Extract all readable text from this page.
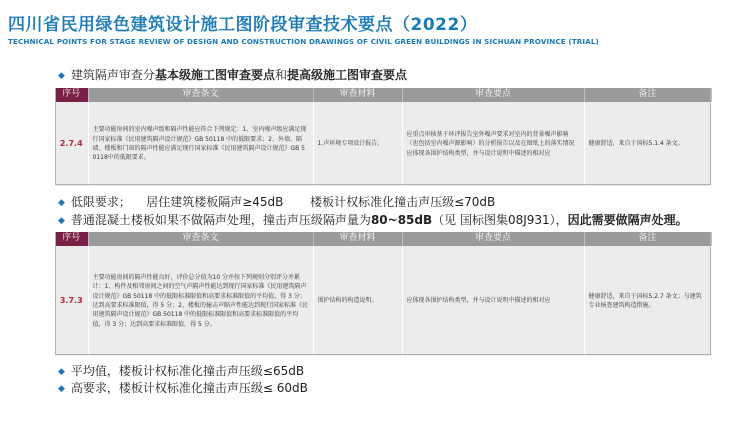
四川省民用绿色建筑设计施工图阶段审查技术要点（2022）
TECHNICAL POINTS FOR STAGE REVIEW OF DESIGN AND CONSTRUCTION DRAWINGS OF CIVIL GREEN BUILDINGS IN SICHUAN PROVINCE (TRIAL)
◆ 建筑隔声审查分基本级施工图审查要点和提高级施工图审查要点
序号	审查条文	审查材料	审查要点	备注
2.7.4	主要功能房间的室内噪声级和隔声性能应符合下列规定：1、室内噪声级应满足现行国家标准《民用建筑隔声设计规范》GB 50118 中的低限要求；2、外墙、隔墙、楼板和门窗的隔声性能应满足现行国家标准《民用建筑隔声设计规范》GB 50118中的低限要求。	1.声环境专项设计报告。	应重点审核基于环评报告室外噪声要求对室内的背景噪声影响（也包括室内噪声源影响）的分析报告以及在图纸上的落实情况应体现各围护结构类型，并与设计说明中描述的相对应	健康舒适，来自于国标5.1.4 条文。
◆ 低限要求； 居住建筑楼板隔声≥45dB 楼板计权标准化撞击声压级≤70dB
◆ 普通混凝土楼板如果不做隔声处理，撞击声压级隔声量为80~85dB（见 国标图集08J931），因此需要做隔声处理。
序号	审查条文	审查材料	审查要点	备注
3.7.3	主要功能房间的隔声性能良好，评价总分值为10 分并按下列规则分别评分并累计：1、构件及相邻房间之间的空气声隔声性能达到现行国家标准《民用建筑隔声设计规范》GB 50118 中的低限标准限值和高要求标准限值的平均值，得 3 分；达到高要求标准限值，得 5 分；2、楼板的撞击声隔声性能达到现行国家标准《民用建筑隔声设计规范》GB 50118 中的低限标准限值和高要求标准限值的平均值，得 3 分；达到高要求标准限值，得 5 分。	围护结构的构造说明。	应体现各围护结构类型，并与设计说明中描述的相对应	健康舒适，来自于国标5.2.7 条文；与建筑专业核查建筑构造措施。
◆ 平均值，楼板计权标准化撞击声压级≤65dB
◆ 高要求，楼板计权标准化撞击声压级≤ 60dB
